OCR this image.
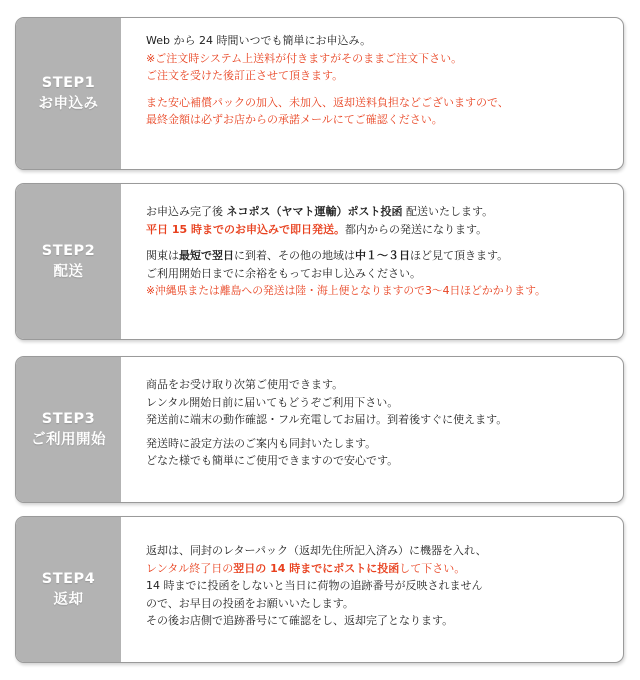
STEP1
お申込み

Web から 24 時間いつでも簡単にお申込み。

※ご注文時システム上送料が付きますがそのままご注文下さい。

ご注文を受けた後訂正させて頂きます。

また安心補償パックの加入、未加入、返却送料負担などございますので、

最終金額は必ずお店からの承諾メールにてご確認ください。

STEP2
配送

お申込み完了後 ネコポス（ヤマト運輸）ポスト投函 配送いたします。

平日 15 時までのお申込みで即日発送。都内からの発送になります。

関東は最短で翌日に到着、その他の地域は中１～３日ほど見て頂きます。

ご利用開始日までに余裕をもってお申し込みください。

※沖縄県または離島への発送は陸・海上便となりますので3～4日ほどかかります。

STEP3
ご利用開始

商品をお受け取り次第ご使用できます。

レンタル開始日前に届いてもどうぞご利用下さい。

発送前に端末の動作確認・フル充電してお届け。到着後すぐに使えます。

発送時に設定方法のご案内も同封いたします。

どなた様でも簡単にご使用できますので安心です。

STEP4
返却

返却は、同封のレターパック（返却先住所記入済み）に機器を入れ、

レンタル終了日の翌日の 14 時までにポストに投函して下さい。

14 時までに投函をしないと当日に荷物の追跡番号が反映されません

ので、お早目の投函をお願いいたします。

その後お店側で追跡番号にて確認をし、返却完了となります。
